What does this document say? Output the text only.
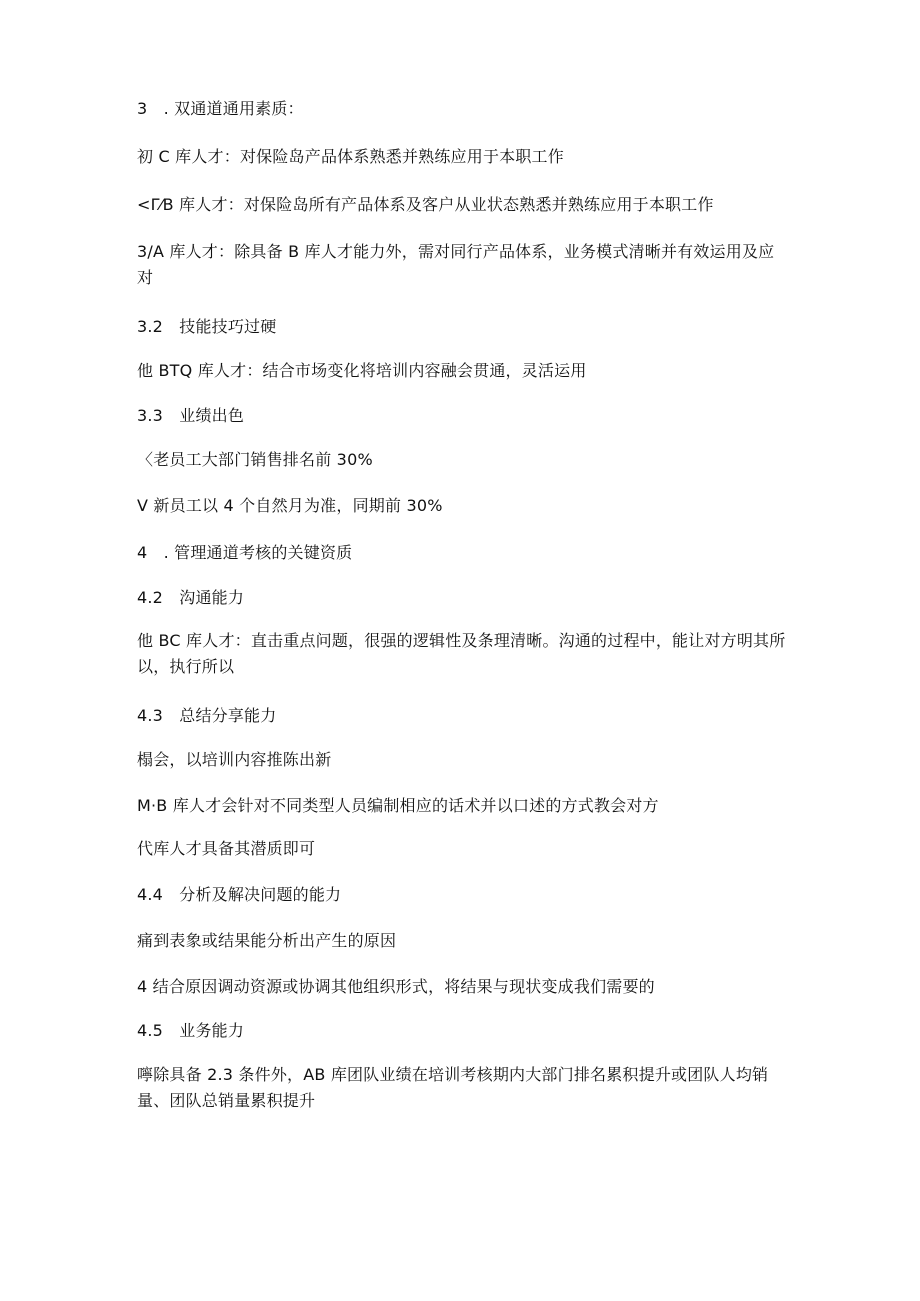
3　. 双通道通用素质：
初 C 库人才：对保险岛产品体系熟悉并熟练应用于本职工作
<Γ⁄B 库人才：对保险岛所有产品体系及客户从业状态熟悉并熟练应用于本职工作
3/A 库人才：除具备 B 库人才能力外，需对同行产品体系，业务模式清晰并有效运用及应对
3.2　技能技巧过硬
他 BTQ 库人才：结合市场变化将培训内容融会贯通，灵活运用
3.3　业绩出色
〈老员工大部门销售排名前 30%
V 新员工以 4 个自然月为准，同期前 30%
4　. 管理通道考核的关键资质
4.2　沟通能力
他 BC 库人才：直击重点问题，很强的逻辑性及条理清晰。沟通的过程中，能让对方明其所以，执行所以
4.3　总结分享能力
榻会，以培训内容推陈出新
M·B 库人才会针对不同类型人员编制相应的话术并以口述的方式教会对方
代库人才具备其潜质即可
4.4　分析及解决问题的能力
痛到表象或结果能分析出产生的原因
4 结合原因调动资源或协调其他组织形式，将结果与现状变成我们需要的
4.5　业务能力
嚀除具备 2.3 条件外，AB 库团队业绩在培训考核期内大部门排名累积提升或团队人均销量、团队总销量累积提升
